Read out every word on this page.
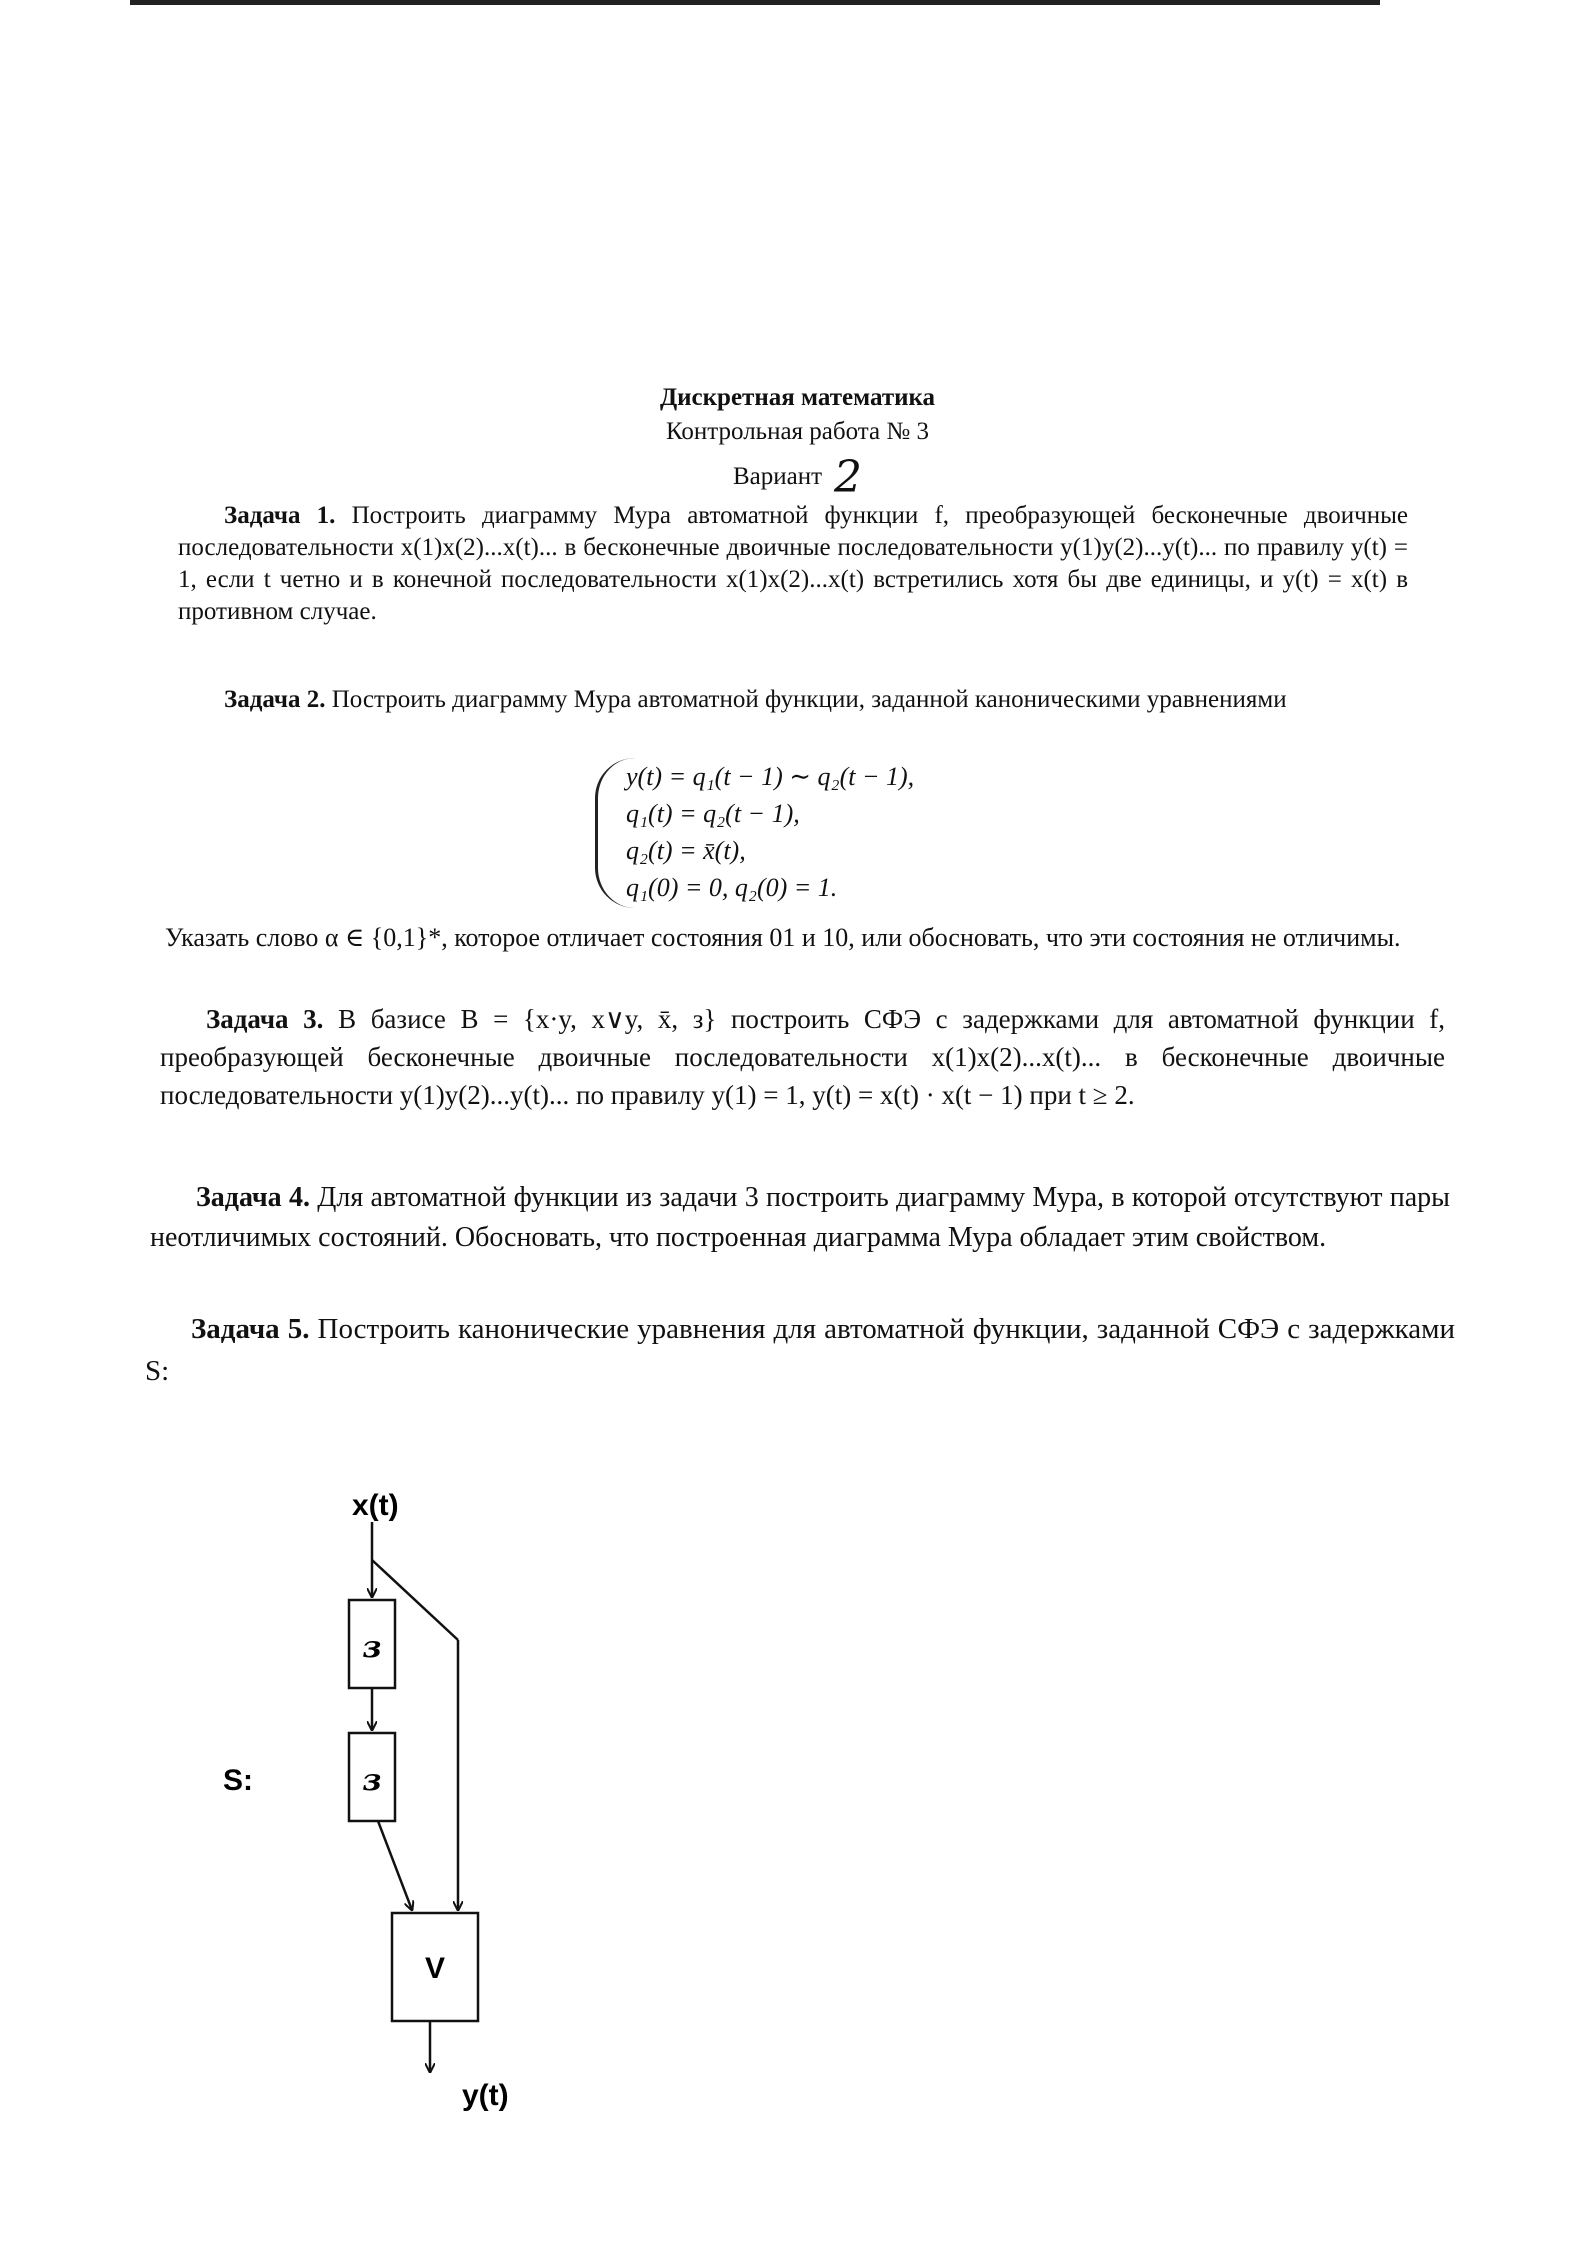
Дискретная математика
Контрольная работа № 3
Вариант 2
Задача 1. Построить диаграмму Мура автоматной функции f, преобразующей бесконечные двоичные последовательности x(1)x(2)...x(t)... в бесконечные двоичные последовательности y(1)y(2)...y(t)... по правилу y(t) = 1, если t четно и в конечной последовательности x(1)x(2)...x(t) встретились хотя бы две единицы, и y(t) = x(t) в противном случае.
Задача 2. Построить диаграмму Мура автоматной функции, заданной каноническими уравнениями
y(t) = q₁(t − 1) ∼ q₂(t − 1),
q₁(t) = q₂(t − 1),
q₂(t) = x̄(t),
q₁(0) = 0, q₂(0) = 1.
Указать слово α ∈ {0,1}*, которое отличает состояния 01 и 10, или обосновать, что эти состояния не отличимы.
Задача 3. В базисе B = {x·y, x∨y, x̄, з} построить СФЭ с задержками для автоматной функции f, преобразующей бесконечные двоичные последовательности x(1)x(2)...x(t)... в бесконечные двоичные последовательности y(1)y(2)...y(t)... по правилу y(1) = 1, y(t) = x(t) · x(t − 1) при t ≥ 2.
Задача 4. Для автоматной функции из задачи 3 построить диаграмму Мура, в которой отсутствуют пары неотличимых состояний. Обосновать, что построенная диаграмма Мура обладает этим свойством.
Задача 5. Построить канонические уравнения для автоматной функции, заданной СФЭ с задержками S:
x(t)
S:
з
з
V
y(t)
